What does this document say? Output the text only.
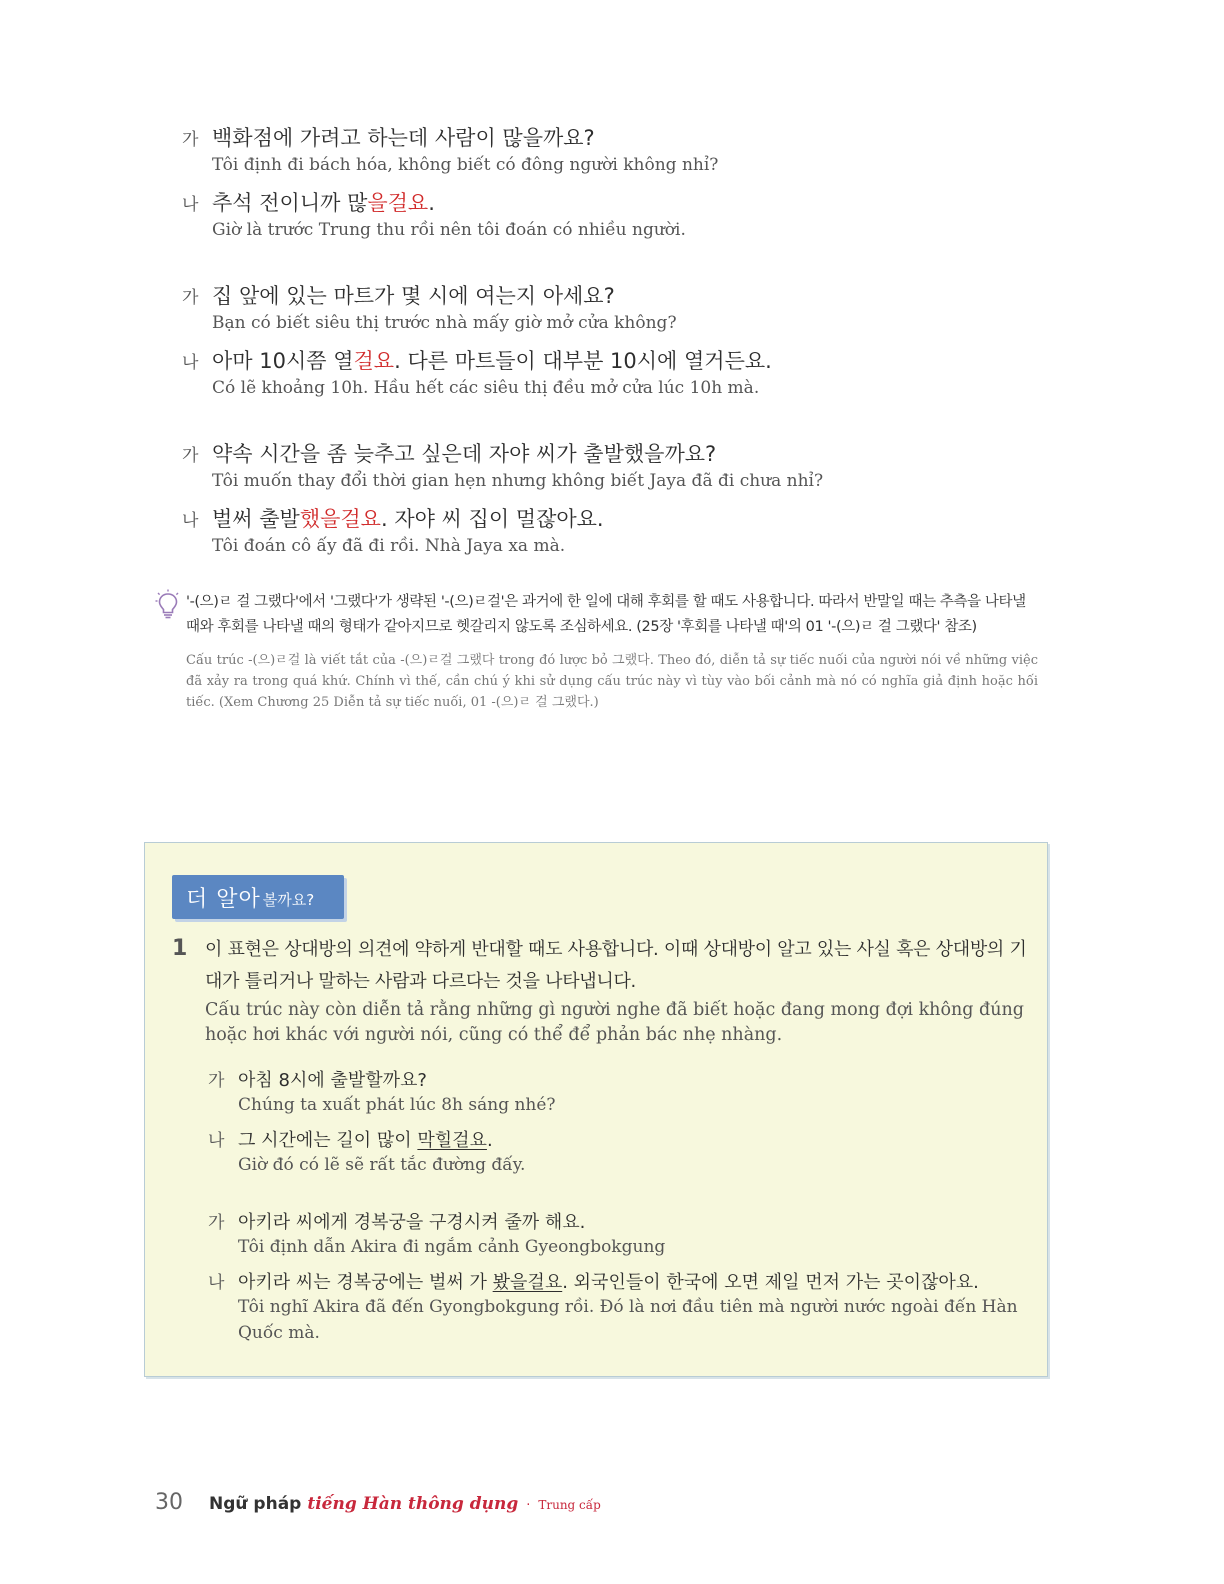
가 백화점에 가려고 하는데 사람이 많을까요?
Tôi định đi bách hóa, không biết có đông người không nhỉ?
나 추석 전이니까 많을걸요.
Giờ là trước Trung thu rồi nên tôi đoán có nhiều người.
가 집 앞에 있는 마트가 몇 시에 여는지 아세요?
Bạn có biết siêu thị trước nhà mấy giờ mở cửa không?
나 아마 10시쯤 열걸요. 다른 마트들이 대부분 10시에 열거든요.
Có lẽ khoảng 10h. Hầu hết các siêu thị đều mở cửa lúc 10h mà.
가 약속 시간을 좀 늦추고 싶은데 자야 씨가 출발했을까요?
Tôi muốn thay đổi thời gian hẹn nhưng không biết Jaya đã đi chưa nhỉ?
나 벌써 출발했을걸요. 자야 씨 집이 멀잖아요.
Tôi đoán cô ấy đã đi rồi. Nhà Jaya xa mà.
'-(으)ㄹ 걸 그랬다'에서 '그랬다'가 생략된 '-(으)ㄹ걸'은 과거에 한 일에 대해 후회를 할 때도 사용합니다. 따라서 반말일 때는 추측을 나타낼 때와 후회를 나타낼 때의 형태가 같아지므로 헷갈리지 않도록 조심하세요. (25장 '후회를 나타낼 때'의 01 '-(으)ㄹ 걸 그랬다' 참조)
Cấu trúc -(으)ㄹ걸 là viết tắt của -(으)ㄹ걸 그랬다 trong đó lược bỏ 그랬다. Theo đó, diễn tả sự tiếc nuối của người nói về những việc đã xảy ra trong quá khứ. Chính vì thế, cần chú ý khi sử dụng cấu trúc này vì tùy vào bối cảnh mà nó có nghĩa giả định hoặc hối tiếc. (Xem Chương 25 Diễn tả sự tiếc nuối, 01 -(으)ㄹ 걸 그랬다.)
더 알아 볼까요?
1 이 표현은 상대방의 의견에 약하게 반대할 때도 사용합니다. 이때 상대방이 알고 있는 사실 혹은 상대방의 기대가 틀리거나 말하는 사람과 다르다는 것을 나타냅니다.
Cấu trúc này còn diễn tả rằng những gì người nghe đã biết hoặc đang mong đợi không đúng hoặc hơi khác với người nói, cũng có thể để phản bác nhẹ nhàng.
가 아침 8시에 출발할까요?
Chúng ta xuất phát lúc 8h sáng nhé?
나 그 시간에는 길이 많이 막힐걸요.
Giờ đó có lẽ sẽ rất tắc đường đấy.
가 아키라 씨에게 경복궁을 구경시켜 줄까 해요.
Tôi định dẫn Akira đi ngắm cảnh Gyeongbokgung
나 아키라 씨는 경복궁에는 벌써 가 봤을걸요. 외국인들이 한국에 오면 제일 먼저 가는 곳이잖아요.
Tôi nghĩ Akira đã đến Gyongbokgung rồi. Đó là nơi đầu tiên mà người nước ngoài đến Hàn Quốc mà.
30 Ngữ pháp tiếng Hàn thông dụng · Trung cấp
